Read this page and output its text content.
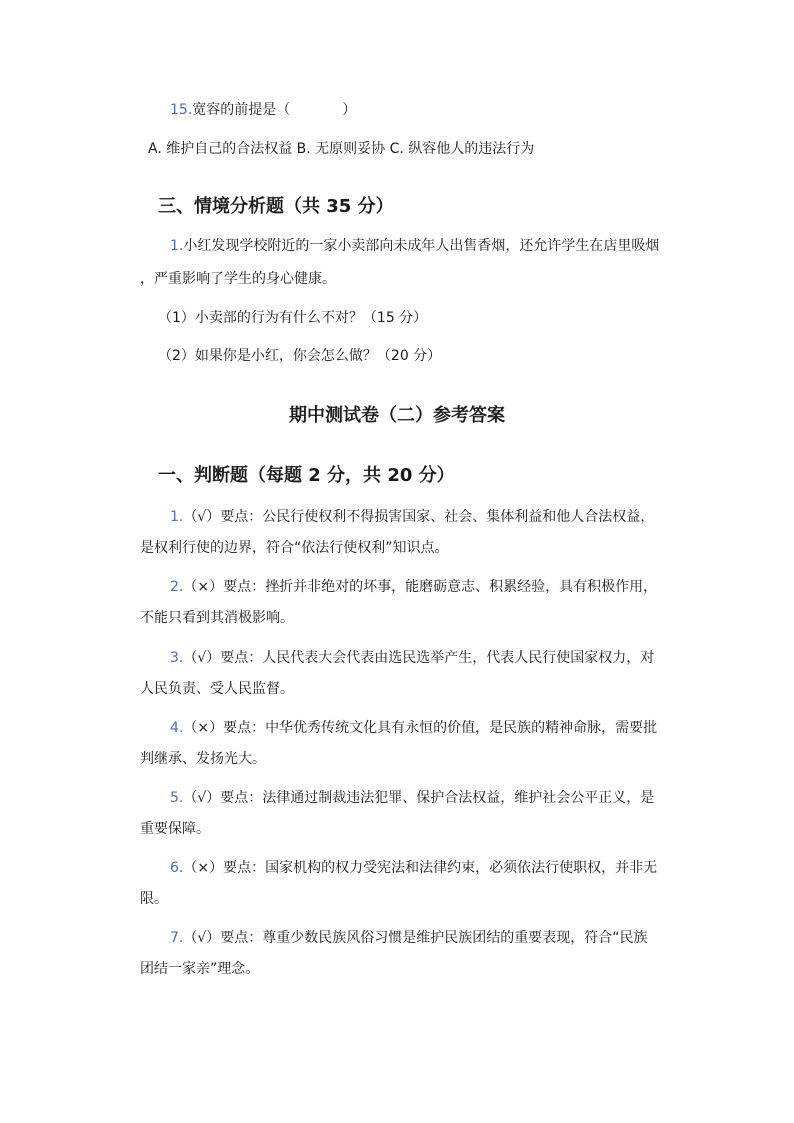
15.宽容的前提是（	）
A. 维护自己的合法权益 B. 无原则妥协 C. 纵容他人的违法行为
三、情境分析题（共 35 分）
1.小红发现学校附近的一家小卖部向未成年人出售香烟，还允许学生在店里吸烟
，严重影响了学生的身心健康。
（1）小卖部的行为有什么不对？（15 分）
（2）如果你是小红，你会怎么做？（20 分）
期中测试卷（二）参考答案
一、判断题（每题 2 分，共 20 分）
1.（√）要点：公民行使权利不得损害国家、社会、集体利益和他人合法权益，
是权利行使的边界，符合“依法行使权利”知识点。
2.（×）要点：挫折并非绝对的坏事，能磨砺意志、积累经验，具有积极作用，
不能只看到其消极影响。
3.（√）要点：人民代表大会代表由选民选举产生，代表人民行使国家权力，对
人民负责、受人民监督。
4.（×）要点：中华优秀传统文化具有永恒的价值，是民族的精神命脉，需要批
判继承、发扬光大。
5.（√）要点：法律通过制裁违法犯罪、保护合法权益，维护社会公平正义，是
重要保障。
6.（×）要点：国家机构的权力受宪法和法律约束，必须依法行使职权，并非无
限。
7.（√）要点：尊重少数民族风俗习惯是维护民族团结的重要表现，符合“民族
团结一家亲”理念。
